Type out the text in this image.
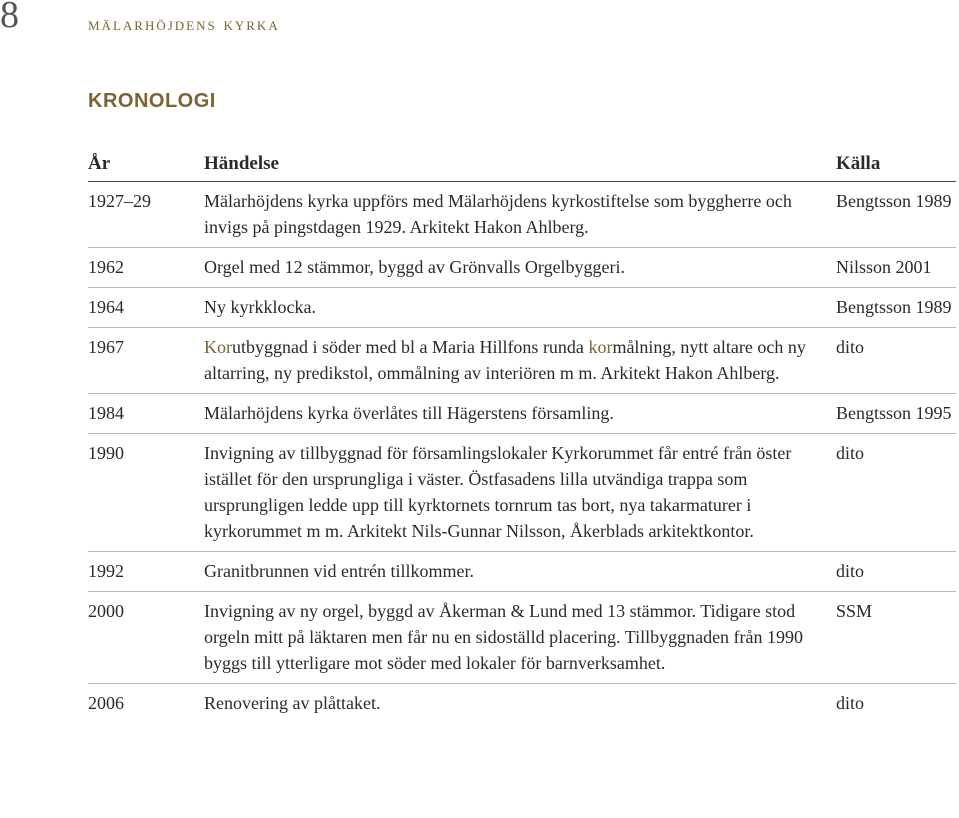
8	mälarhöjdens kyrka
KRONOLOGI
År	Händelse	Källa
1927–29	Mälarhöjdens kyrka uppförs med Mälarhöjdens kyrkostiftelse som byggherre och invigs på pingstdagen 1929. Arkitekt Hakon Ahlberg.	Bengtsson 1989
1962	Orgel med 12 stämmor, byggd av Grönvalls Orgelbyggeri.	Nilsson 2001
1964	Ny kyrkklocka.	Bengtsson 1989
1967	Korutbyggnad i söder med bl a Maria Hillfons runda kormålning, nytt altare och ny altarring, ny predikstol, ommålning av interiören m m. Arkitekt Hakon Ahlberg.	dito
1984	Mälarhöjdens kyrka överlåtes till Hägerstens församling.	Bengtsson 1995
1990	Invigning av tillbyggnad för församlingslokaler Kyrkorummet får entré från öster istället för den ursprungliga i väster. Östfasadens lilla utvändiga trappa som ursprungligen ledde upp till kyrktornets tornrum tas bort, nya takarmaturer i kyrkorummet m m. Arkitekt Nils-Gunnar Nilsson, Åkerblads arkitektkontor.	dito
1992	Granitbrunnen vid entrén tillkommer.	dito
2000	Invigning av ny orgel, byggd av Åkerman & Lund med 13 stämmor. Tidigare stod orgeln mitt på läktaren men får nu en sidoställd placering. Tillbyggnaden från 1990 byggs till ytterligare mot söder med lokaler för barnverksamhet.	SSM
2006	Renovering av plåttaket.	dito
